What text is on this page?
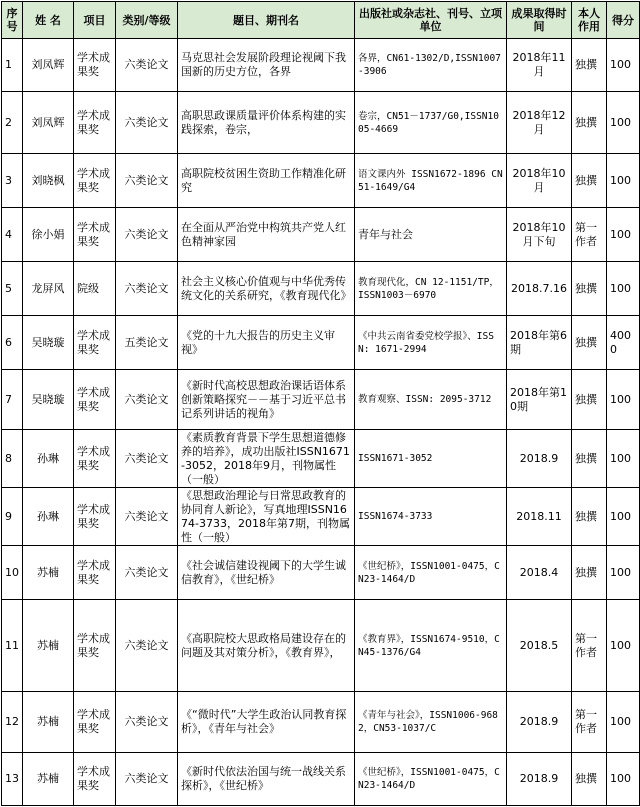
序号	姓 名	项目	类别/等级	题目、期刊名	出版社或杂志社、刊号、立项单位	成果取得时间	本人作用	得分
1	刘凤辉	学术成果奖	六类论文	马克思社会发展阶段理论视阈下我国新的历史方位，各界	各界，CN61-1302/D,ISSN1007-3906	2018年11月	独撰	100
2	刘凤辉	学术成果奖	六类论文	高职思政课质量评价体系构建的实践探索，卷宗，	卷宗，CN51－1737/G0,ISSN1005-4669	2018年12月	独撰	100
3	刘晓枫	学术成果奖	六类论文	高职院校贫困生资助工作精准化研究	语文课内外 ISSN1672-1896 CN51-1649/G4	2018年10月	独撰	100
4	徐小娟	学术成果奖	六类论文	在全面从严治党中构筑共产党人红色精神家园	青年与社会	2018年10月下旬	第一作者	100
5	龙屏风	院级	六类论文	社会主义核心价值观与中华优秀传统文化的关系研究，《教育现代化》	教育现代化，CN 12-1151/TP，ISSN1003－6970	2018.7.16	独撰	100
6	吴晓璇	学术成果奖	五类论文	《党的十九大报告的历史主义审视》	《中共云南省委党校学报》、ISSN: 1671-2994	2018年第6期	独撰	4000
7	吴晓璇	学术成果奖	六类论文	《新时代高校思想政治课话语体系创新策略探究－－基于习近平总书记系列讲话的视角》	教育观察、ISSN: 2095-3712	2018年第10期	独撰	100
8	孙琳	学术成果奖	六类论文	《素质教育背景下学生思想道德修养的培养》，成功出版社ISSN1671-3052，2018年9月，刊物属性（一般）	ISSN1671-3052	2018.9	独撰	100
9	孙琳	学术成果奖	六类论文	《思想政治理论与日常思政教育的协同育人新论》，写真地理ISSN1674-3733，2018年第7期，刊物属性（一般）	ISSN1674-3733	2018.11	独撰	100
10	苏楠	学术成果奖	六类论文	《社会诚信建设视阈下的大学生诚信教育》，《世纪桥》	《世纪桥》，ISSN1001-0475，CN23-1464/D	2018.4	独撰	100
11	苏楠	学术成果奖	六类论文	《高职院校大思政格局建设存在的问题及其对策分析》，《教育界》，	《教育界》，ISSN1674-9510，CN45-1376/G4	2018.5	第一作者	100
12	苏楠	学术成果奖	六类论文	《“微时代”大学生政治认同教育探析》，《青年与社会》	《青年与社会》，ISSN1006-9682，CN53-1037/C	2018.9	第一作者	100
13	苏楠	学术成果奖	六类论文	《新时代依法治国与统一战线关系探析》，《世纪桥》	《世纪桥》，ISSN1001-0475，CN23-1464/D	2018.9	独撰	100
